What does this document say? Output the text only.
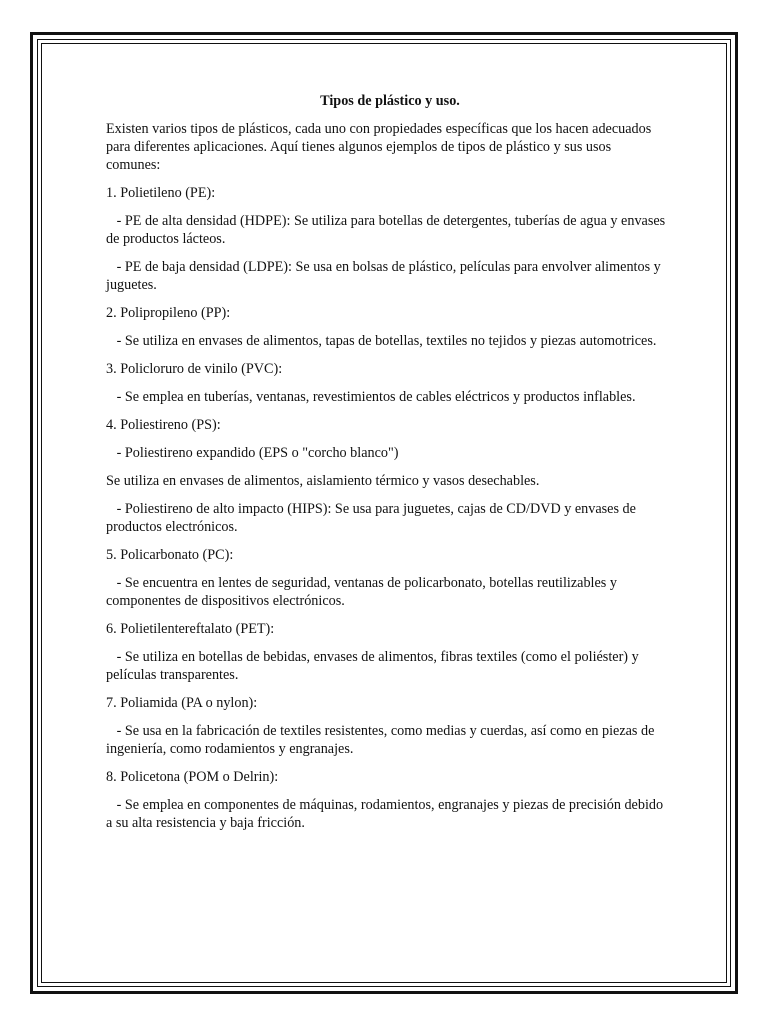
Tipos de plástico y uso.
Existen varios tipos de plásticos, cada uno con propiedades específicas que los hacen adecuados para diferentes aplicaciones. Aquí tienes algunos ejemplos de tipos de plástico y sus usos comunes:
1. Polietileno (PE):
- PE de alta densidad (HDPE): Se utiliza para botellas de detergentes, tuberías de agua y envases de productos lácteos.
- PE de baja densidad (LDPE): Se usa en bolsas de plástico, películas para envolver alimentos y juguetes.
2. Polipropileno (PP):
- Se utiliza en envases de alimentos, tapas de botellas, textiles no tejidos y piezas automotrices.
3. Policloruro de vinilo (PVC):
- Se emplea en tuberías, ventanas, revestimientos de cables eléctricos y productos inflables.
4. Poliestireno (PS):
- Poliestireno expandido (EPS o "corcho blanco")
Se utiliza en envases de alimentos, aislamiento térmico y vasos desechables.
- Poliestireno de alto impacto (HIPS): Se usa para juguetes, cajas de CD/DVD y envases de productos electrónicos.
5. Policarbonato (PC):
- Se encuentra en lentes de seguridad, ventanas de policarbonato, botellas reutilizables y componentes de dispositivos electrónicos.
6. Polietilentereftalato (PET):
- Se utiliza en botellas de bebidas, envases de alimentos, fibras textiles (como el poliéster) y películas transparentes.
7. Poliamida (PA o nylon):
- Se usa en la fabricación de textiles resistentes, como medias y cuerdas, así como en piezas de ingeniería, como rodamientos y engranajes.
8. Policetona (POM o Delrin):
- Se emplea en componentes de máquinas, rodamientos, engranajes y piezas de precisión debido a su alta resistencia y baja fricción.
